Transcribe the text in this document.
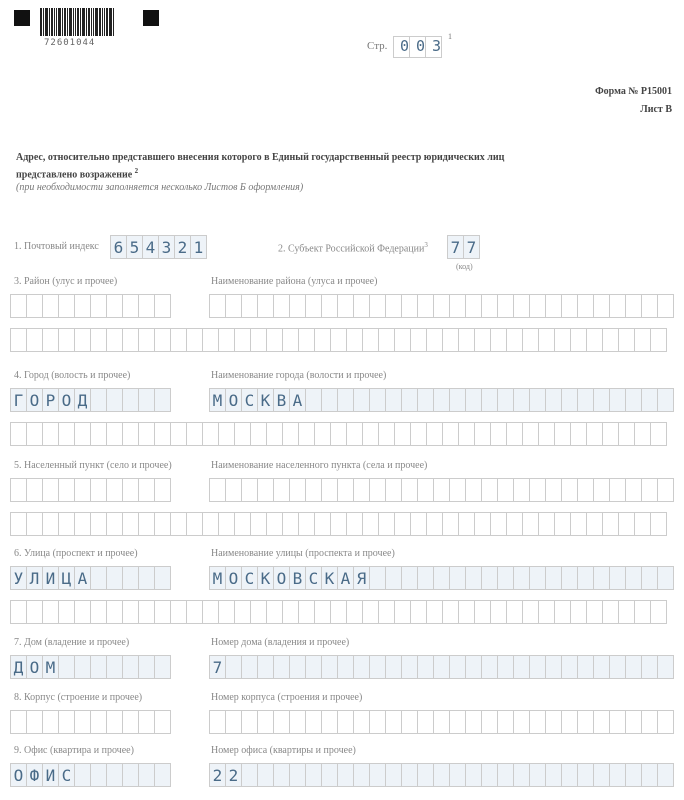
72601044	Стр. 003
1
Форма № Р15001
Лист В
Адрес, относительно представшего внесения которого в Единый государственный реестр юридических лиц
представлено возражение $^2$
(при необходимости заполняется несколько Листов Б оформления)
1. Почтовый индекс 6 5 4 3 2 1	2. Субъект Российской Федерации$^3$ 7 7
(код)
3. Район (улус и прочее)	Наименование района (улуса и прочее)
4. Город (волость и прочее)	Наименование города (волости и прочее)
Г О Р О Д	М О С К В А
5. Населенный пункт (село и прочее)	Наименование населенного пункта (села и прочее)
6. Улица (проспект и прочее)	Наименование улицы (проспекта и прочее)
У Л И Ц А	М О С К О В С К А Я
7. Дом (владение и прочее)	Номер дома (владения и прочее)
Д О М	7
8. Корпус (строение и прочее)	Номер корпуса (строения и прочее)
9. Офис (квартира и прочее)	Номер офиса (квартиры и прочее)
О Ф И С	2 2
